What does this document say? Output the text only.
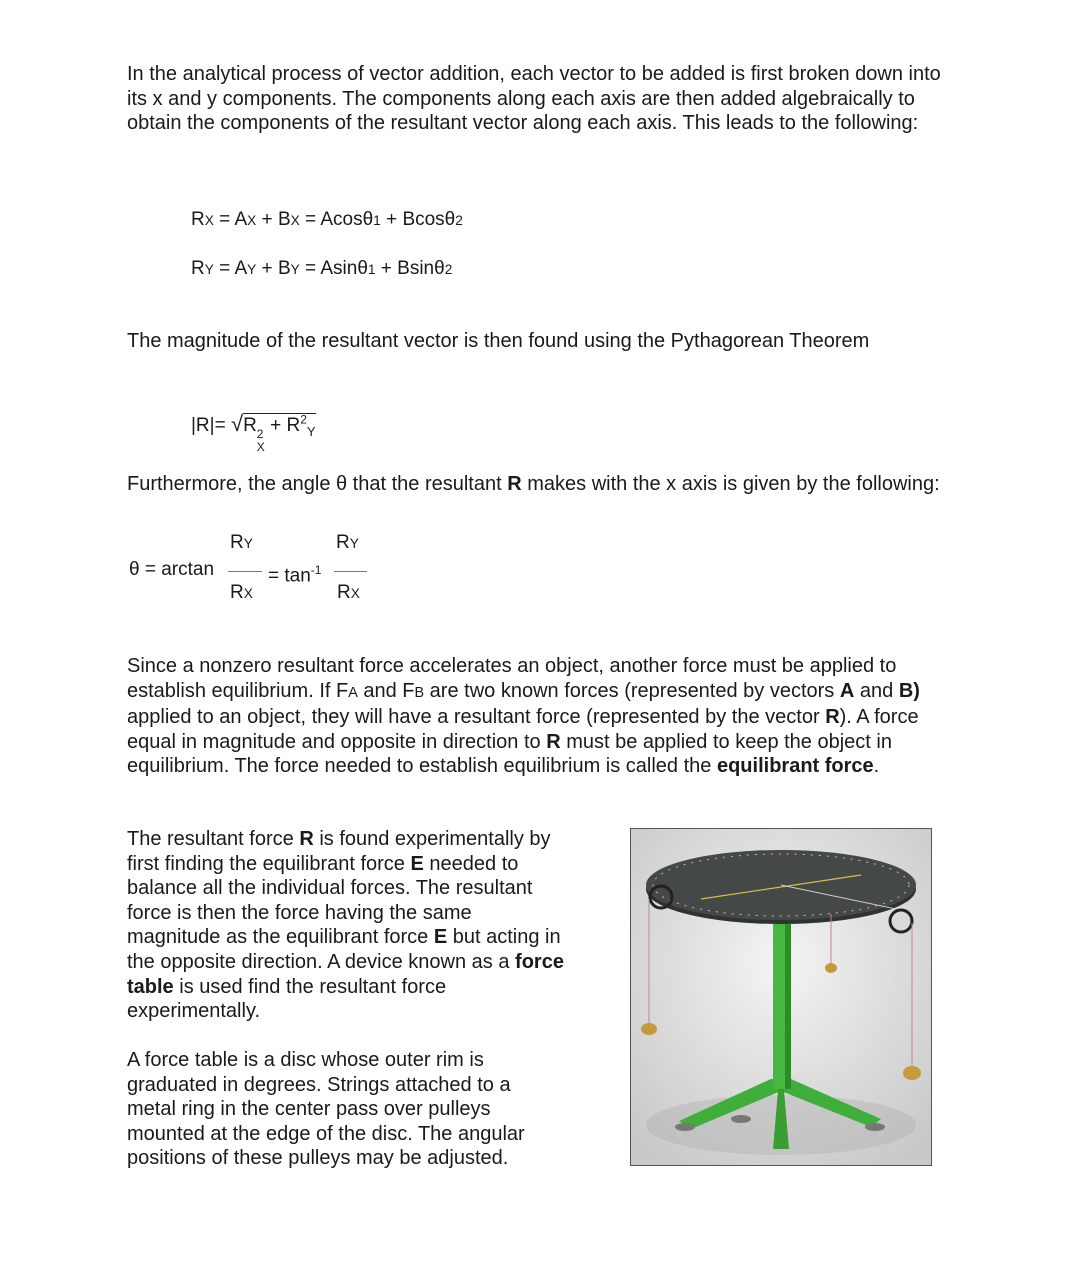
In the analytical process of vector addition, each vector to be added is first broken down into its x and y components. The components along each axis are then added algebraically to obtain the components of the resultant vector along each axis. This leads to the following:

RX = AX + BX = Acosθ1 + Bcosθ2
RY = AY + BY = Asinθ1 + Bsinθ2

The magnitude of the resultant vector is then found using the Pythagorean Theorem

|R|= √R 2
X
+ $R^2_Y$

Furthermore, the angle θ that the resultant R makes with the x axis is given by the following:

θ = arctan
RY
RX
= $\tan^{-1}$
RY
RX

Since a nonzero resultant force accelerates an object, another force must be applied to establish equilibrium. If FA and FB are two known forces (represented by vectors A and B) applied to an object, they will have a resultant force (represented by the vector R). A force equal in magnitude and opposite in direction to R must be applied to keep the object in equilibrium. The force needed to establish equilibrium is called the equilibrant force.

The resultant force R is found experimentally by first finding the equilibrant force E needed to balance all the individual forces. The resultant force is then the force having the same magnitude as the equilibrant force E but acting in the opposite direction. A device known as a force table is used find the resultant force experimentally.

A force table is a disc whose outer rim is graduated in degrees. Strings attached to a metal ring in the center pass over pulleys mounted at the edge of the disc. The angular positions of these pulleys may be adjusted.
